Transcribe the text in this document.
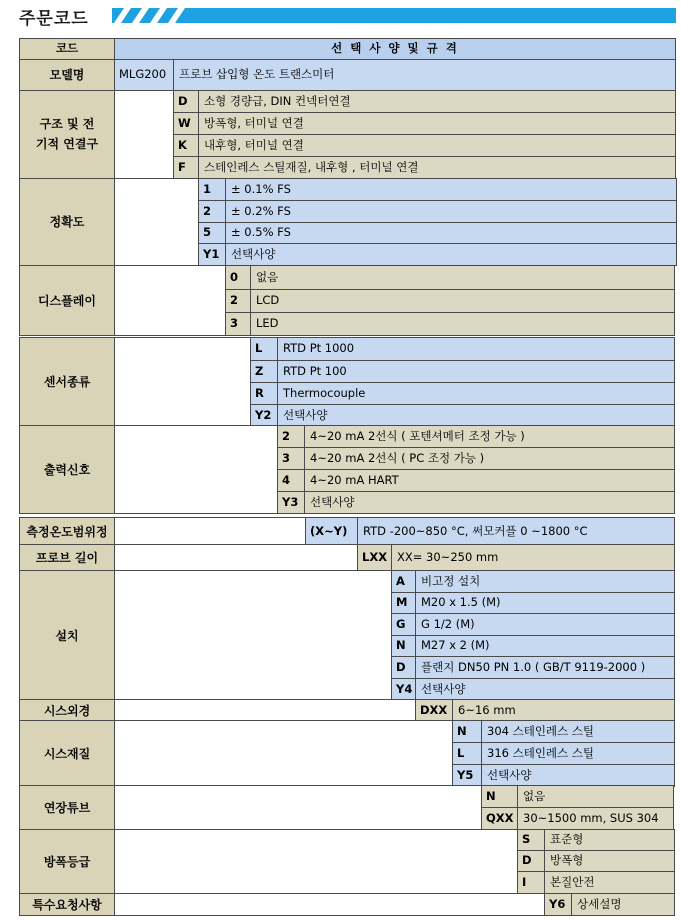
주문코드
코드	선 택 사 양 및 규 격
모델명	MLG200	프로브 삽입형 온도 트랜스미터
구조 및 전기적 연결구
D	소형 경량급, DIN 컨넥터연결
W	방폭형, 터미널 연결
K	내후형, 터미널 연결
F	스테인레스 스틸재질, 내후형 , 터미널 연결
정확도
1	± 0.1% FS
2	± 0.2% FS
5	± 0.5% FS
Y1	선택사양
디스플레이
0	없음
2	LCD
3	LED
센서종류
L	RTD Pt 1000
Z	RTD Pt 100
R	Thermocouple
Y2	선택사양
출력신호
2	4~20 mA 2선식 ( 포텐셔메터 조정 가능 )
3	4~20 mA 2선식 ( PC 조정 가능 )
4	4~20 mA HART
Y3	선택사양
측정온도범위정	(X~Y)	RTD -200~850 °C, 써모커플 0 ~1800 °C
프로브 길이	LXX XX= 30~250 mm
설치
A	비고정 설치
M	M20 x 1.5 (M)
G	G 1/2 (M)
N	M27 x 2 (M)
D	플랜지 DN50 PN 1.0 ( GB/T 9119-2000 )
Y4 선택사양
시스외경	DXX 6~16 mm
시스재질
N	304 스테인레스 스틸
L	316 스테인레스 스틸
Y5	선택사양
연장튜브
N	없음
QXX 30~1500 mm, SUS 304
방폭등급
S	표준형
D	방폭형
I	본질안전
특수요청사항	Y6	상세설명
